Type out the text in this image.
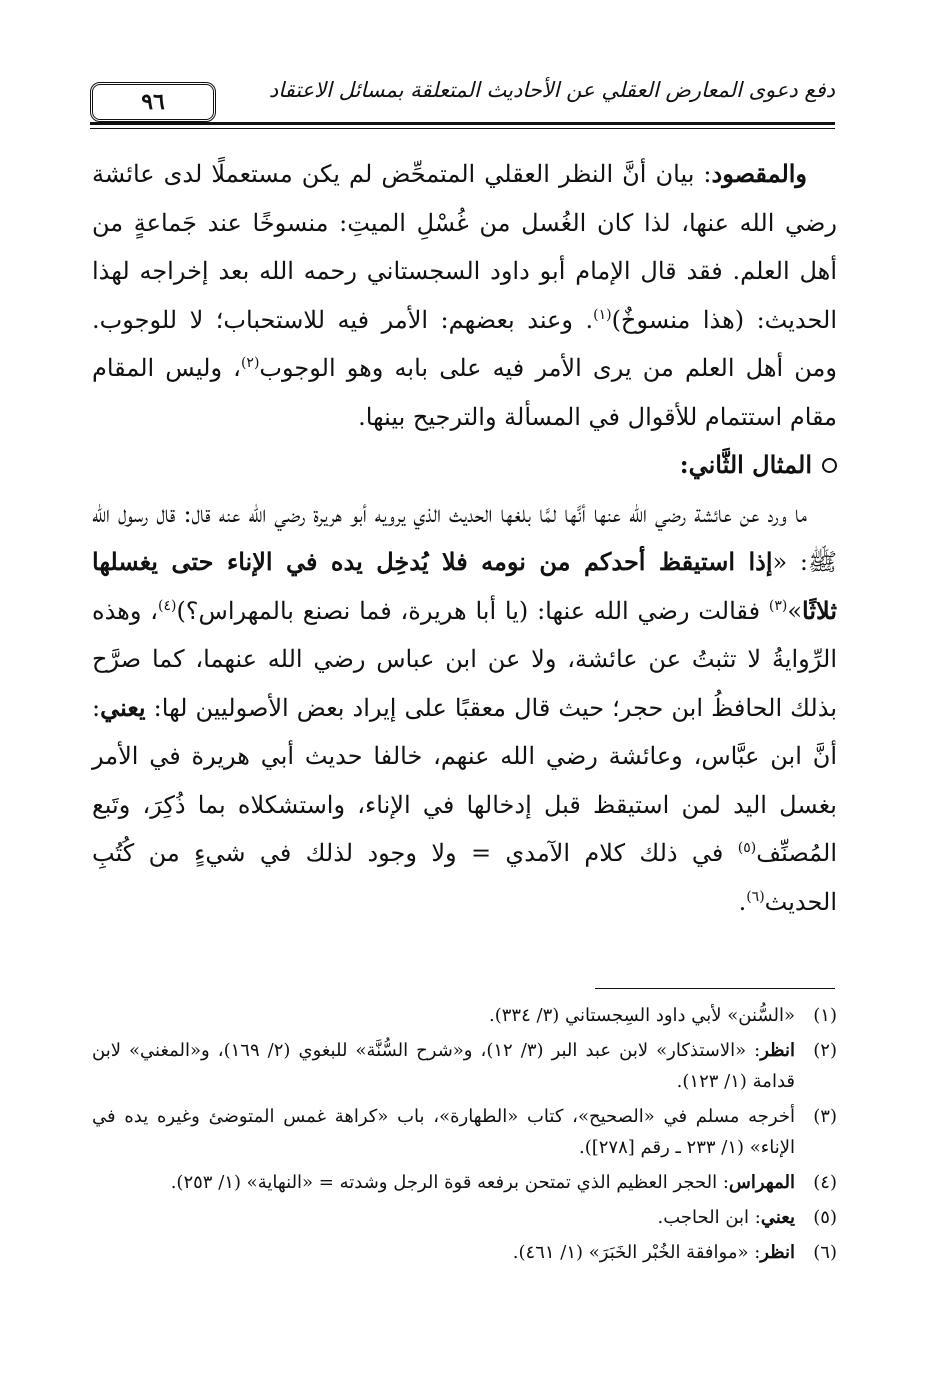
دفع دعوى المعارض العقلي عن الأحاديث المتعلقة بمسائل الاعتقاد
٩٦

والمقصود: بيان أنَّ النظر العقلي المتمحِّض لم يكن مستعملًا لدى عائشة رضي الله عنها، لذا كان الغُسل من غُسْلِ الميتِ: منسوخًا عند جَماعةٍ من أهل العلم. فقد قال الإمام أبو داود السجستاني رحمه الله بعد إخراجه لهذا الحديث: (هذا منسوخٌ)$^{(١)}$. وعند بعضهم: الأمر فيه للاستحباب؛ لا للوجوب. ومن أهل العلم من يرى الأمر فيه على بابه وهو الوجوب$^{(٢)}$، وليس المقام مقام استتمام للأقوال في المسألة والترجيح بينها.

المثال الثَّاني:

ما ورد عن عائشة رضي الله عنها أنَّها لمَّا بلغها الحديث الذي يرويه أبو هريرة رضي الله عنه قال: قال رسول الله ﷺ: «إذا استيقظ أحدكم من نومه فلا يُدخِل يده في الإناء حتى يغسلها ثلاثًا»$^{(٣)}$ فقالت رضي الله عنها: (يا أبا هريرة، فما نصنع بالمهراس؟)$^{(٤)}$، وهذه الرِّوايةُ لا تثبتُ عن عائشة، ولا عن ابن عباس رضي الله عنهما، كما صرَّح بذلك الحافظُ ابن حجر؛ حيث قال معقبًا على إيراد بعض الأصوليين لها: يعني: أنَّ ابن عبَّاس، وعائشة رضي الله عنهم، خالفا حديث أبي هريرة في الأمر بغسل اليد لمن استيقظ قبل إدخالها في الإناء، واستشكلاه بما ذُكِرَ، وتَبع المُصنِّف$^{(٥)}$ في ذلك كلام الآمدي = ولا وجود لذلك في شيءٍ من كُتُبِ الحديث$^{(٦)}$.

(١)
«السُّنن» لأبي داود السِجستاني (٣/ ٣٣٤).
(٢)
انظر: «الاستذكار» لابن عبد البر (٣/ ١٢)، و«شرح السُّنَّة» للبغوي (٢/ ١٦٩)، و«المغني» لابن قدامة (١/ ١٢٣).
(٣)
أخرجه مسلم في «الصحيح»، كتاب «الطهارة»، باب «كراهة غمس المتوضئ وغيره يده في الإناء» (١/ ٢٣٣ ـ رقم [٢٧٨]).
(٤)
المهراس: الحجر العظيم الذي تمتحن برفعه قوة الرجل وشدته = «النهاية» (١/ ٢٥٣).
(٥)
يعني: ابن الحاجب.
(٦)
انظر: «موافقة الخُبْر الخَبَرَ» (١/ ٤٦١).
